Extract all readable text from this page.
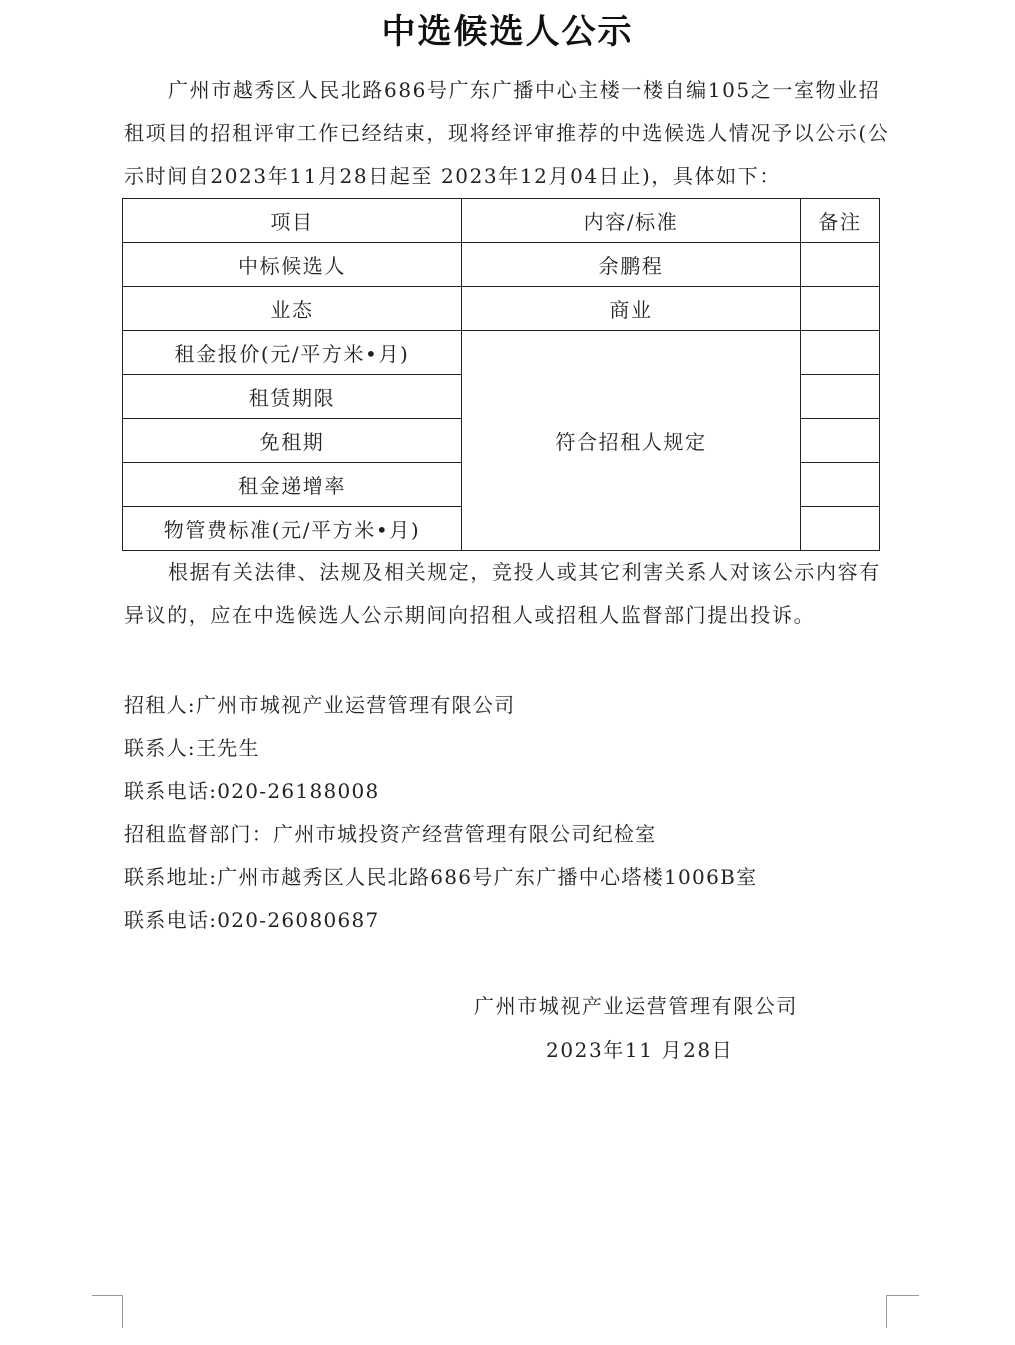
中选候选人公示
广州市越秀区人民北路686号广东广播中心主楼一楼自编105之一室物业招租项目的招租评审工作已经结束，现将经评审推荐的中选候选人情况予以公示(公示时间自2023年11月28日起至 2023年12月04日止)，具体如下：
项目	内容/标准	备注
中标候选人	余鹏程	
业态	商业	
租金报价(元/平方米•月)	符合招租人规定	
租赁期限		
免租期		
租金递增率		
物管费标准(元/平方米•月)		
根据有关法律、法规及相关规定，竞投人或其它利害关系人对该公示内容有异议的，应在中选候选人公示期间向招租人或招租人监督部门提出投诉。
招租人:广州市城视产业运营管理有限公司
联系人:王先生
联系电话:020-26188008
招租监督部门：广州市城投资产经营管理有限公司纪检室
联系地址:广州市越秀区人民北路686号广东广播中心塔楼1006B室
联系电话:020-26080687
广州市城视产业运营管理有限公司
2023年11 月28日
